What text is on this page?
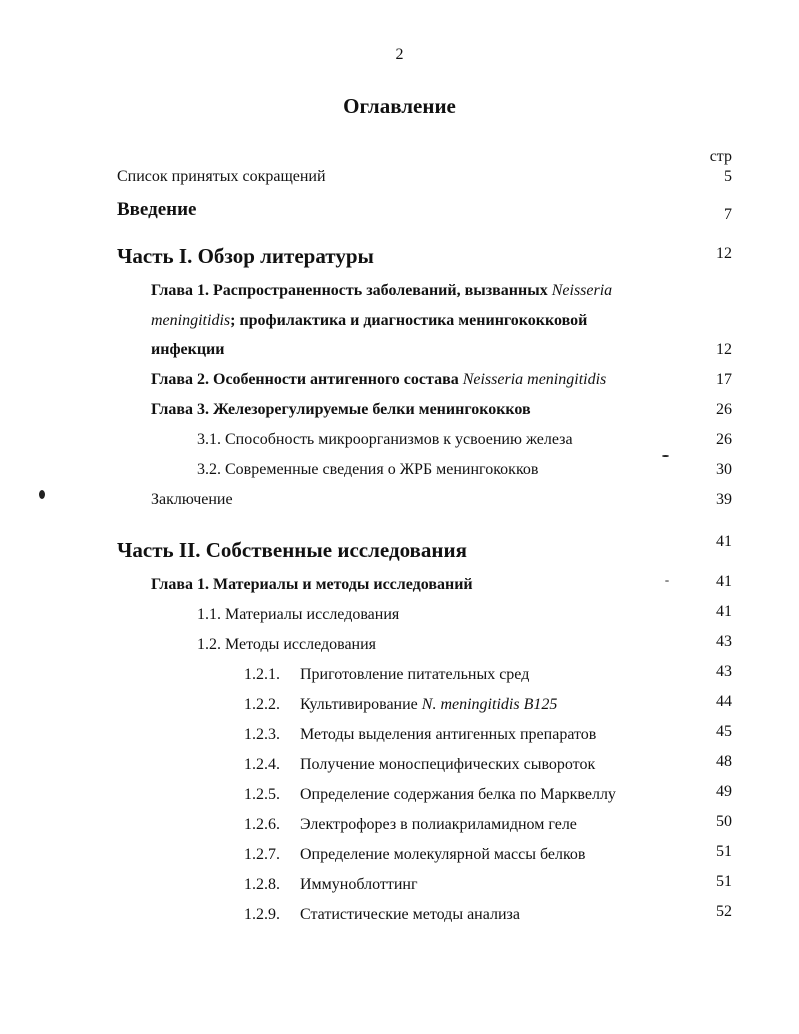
2
Оглавление
стр
Список принятых сокращений	5
Введение	7
Часть I. Обзор литературы	12
Глава 1. Распространенность заболеваний, вызванных Neisseria
meningitidis; профилактика и диагностика менингококковой
инфекции	12
Глава 2. Особенности антигенного состава Neisseria meningitidis	17
Глава 3. Железорегулируемые белки менингококков	26
3.1. Способность микроорганизмов к усвоению железа	26
3.2. Современные сведения о ЖРБ менингококков	30
Заключение	39
Часть II. Собственные исследования	41
Глава 1. Материалы и методы исследований	41
1.1. Материалы исследования	41
1.2. Методы исследования	43
1.2.1. Приготовление питательных сред	43
1.2.2. Культивирование N. meningitidis B125	44
1.2.3. Методы выделения антигенных препаратов	45
1.2.4. Получение моноспецифических сывороток	48
1.2.5. Определение содержания белка по Марквеллу	49
1.2.6. Электрофорез в полиакриламидном геле	50
1.2.7. Определение молекулярной массы белков	51
1.2.8. Иммуноблоттинг	51
1.2.9. Статистические методы анализа	52
